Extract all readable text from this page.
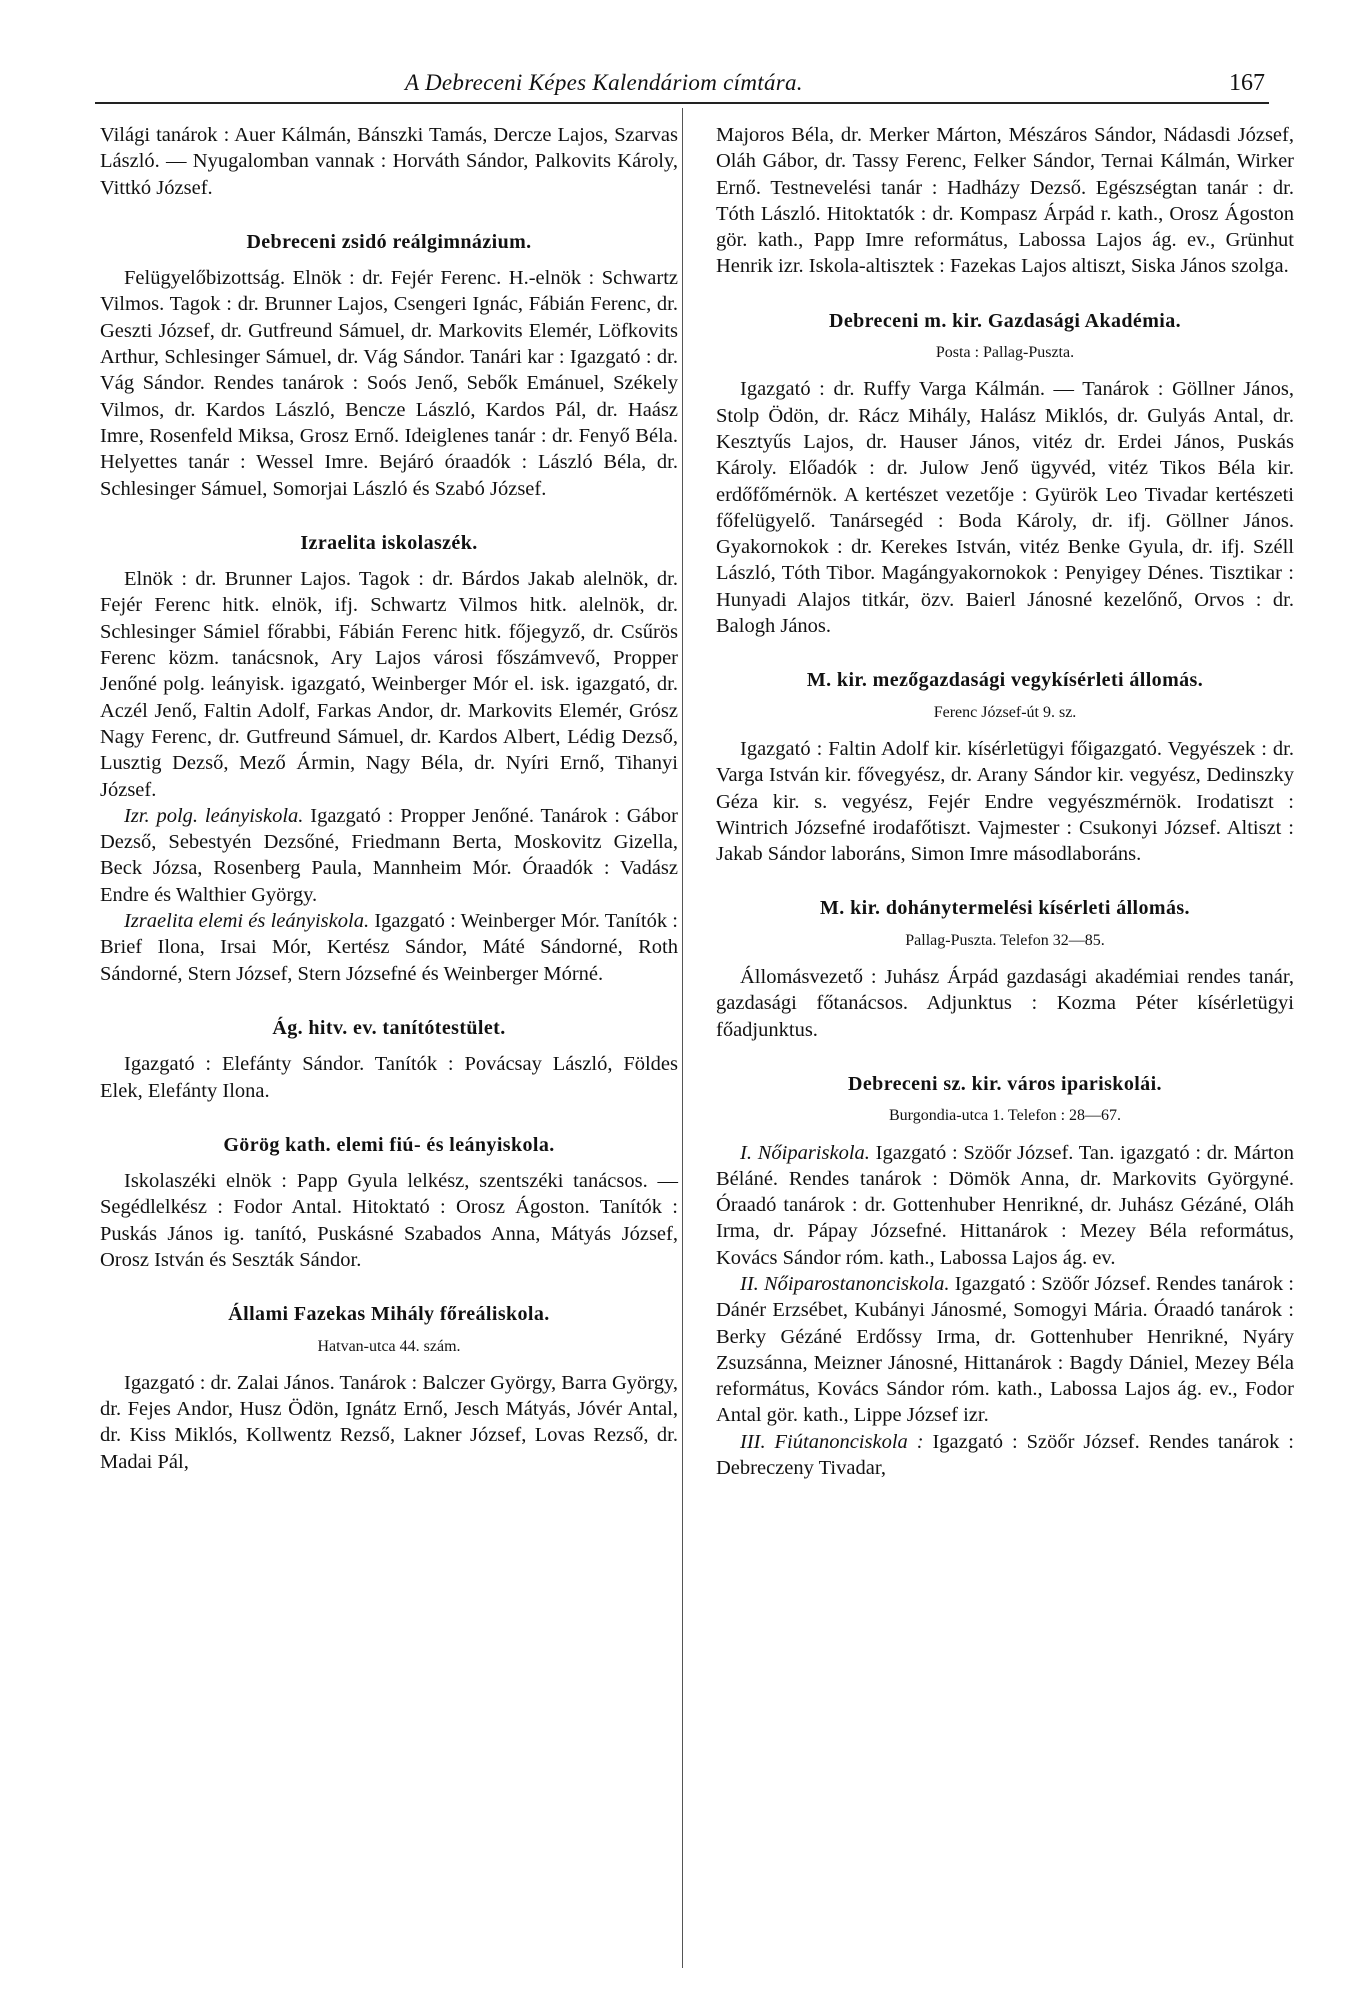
A Debreceni Képes Kalendáriom címtára.	167

Világi tanárok : Auer Kálmán, Bánszki Tamás, Dercze Lajos, Szarvas László. — Nyugalomban vannak : Horváth Sándor, Palkovits Károly, Vittkó József.

Debreceni zsidó reálgimnázium.

Felügyelőbizottság. Elnök : dr. Fejér Ferenc. H.-elnök : Schwartz Vilmos. Tagok : dr. Brunner Lajos, Csengeri Ignác, Fábián Ferenc, dr. Geszti József, dr. Gutfreund Sámuel, dr. Markovits Elemér, Löfkovits Arthur, Schlesinger Sámuel, dr. Vág Sándor. Tanári kar : Igazgató : dr. Vág Sándor. Rendes tanárok : Soós Jenő, Sebők Emánuel, Székely Vilmos, dr. Kardos László, Bencze László, Kardos Pál, dr. Haász Imre, Rosenfeld Miksa, Grosz Ernő. Ideiglenes tanár : dr. Fenyő Béla. Helyettes tanár : Wessel Imre. Bejáró óraadók : László Béla, dr. Schlesinger Sámuel, Somorjai László és Szabó József.

Izraelita iskolaszék.

Elnök : dr. Brunner Lajos. Tagok : dr. Bárdos Jakab alelnök, dr. Fejér Ferenc hitk. elnök, ifj. Schwartz Vilmos hitk. alelnök, dr. Schlesinger Sámiel főrabbi, Fábián Ferenc hitk. főjegyző, dr. Csűrös Ferenc közm. tanácsnok, Ary Lajos városi főszámvevő, Propper Jenőné polg. leányisk. igazgató, Weinberger Mór el. isk. igazgató, dr. Aczél Jenő, Faltin Adolf, Farkas Andor, dr. Markovits Elemér, Grósz Nagy Ferenc, dr. Gutfreund Sámuel, dr. Kardos Albert, Lédig Dezső, Lusztig Dezső, Mező Ármin, Nagy Béla, dr. Nyíri Ernő, Tihanyi József.

Izr. polg. leányiskola. Igazgató : Propper Jenőné. Tanárok : Gábor Dezső, Sebestyén Dezsőné, Friedmann Berta, Moskovitz Gizella, Beck Józsa, Rosenberg Paula, Mannheim Mór. Óraadók : Vadász Endre és Walthier György.

Izraelita elemi és leányiskola. Igazgató : Weinberger Mór. Tanítók : Brief Ilona, Irsai Mór, Kertész Sándor, Máté Sándorné, Roth Sándorné, Stern József, Stern Józsefné és Weinberger Mórné.

Ág. hitv. ev. tanítótestület.

Igazgató : Elefánty Sándor. Tanítók : Povácsay László, Földes Elek, Elefánty Ilona.

Görög kath. elemi fiú- és leányiskola.

Iskolaszéki elnök : Papp Gyula lelkész, szentszéki tanácsos. — Segédlelkész : Fodor Antal. Hitoktató : Orosz Ágoston. Tanítók : Puskás János ig. tanító, Puskásné Szabados Anna, Mátyás József, Orosz István és Seszták Sándor.

Állami Fazekas Mihály főreáliskola.
Hatvan-utca 44. szám.

Igazgató : dr. Zalai János. Tanárok : Balczer György, Barra György, dr. Fejes Andor, Husz Ödön, Ignátz Ernő, Jesch Mátyás, Jóvér Antal, dr. Kiss Miklós, Kollwentz Rezső, Lakner József, Lovas Rezső, dr. Madai Pál,

Majoros Béla, dr. Merker Márton, Mészáros Sándor, Nádasdi József, Oláh Gábor, dr. Tassy Ferenc, Felker Sándor, Ternai Kálmán, Wirker Ernő. Testnevelési tanár : Hadházy Dezső. Egészségtan tanár : dr. Tóth László. Hitoktatók : dr. Kompasz Árpád r. kath., Orosz Ágoston gör. kath., Papp Imre református, Labossa Lajos ág. ev., Grünhut Henrik izr. Iskola-altisztek : Fazekas Lajos altiszt, Siska János szolga.

Debreceni m. kir. Gazdasági Akadémia.
Posta : Pallag-Puszta.

Igazgató : dr. Ruffy Varga Kálmán. — Tanárok : Göllner János, Stolp Ödön, dr. Rácz Mihály, Halász Miklós, dr. Gulyás Antal, dr. Kesztyűs Lajos, dr. Hauser János, vitéz dr. Erdei János, Puskás Károly. Előadók : dr. Julow Jenő ügyvéd, vitéz Tikos Béla kir. erdőfőmérnök. A kertészet vezetője : Gyürök Leo Tivadar kertészeti főfelügyelő. Tanársegéd : Boda Károly, dr. ifj. Göllner János. Gyakornokok : dr. Kerekes István, vitéz Benke Gyula, dr. ifj. Széll László, Tóth Tibor. Magángyakornokok : Penyigey Dénes. Tisztikar : Hunyadi Alajos titkár, özv. Baierl Jánosné kezelőnő, Orvos : dr. Balogh János.

M. kir. mezőgazdasági vegykísérleti állomás.
Ferenc József-út 9. sz.

Igazgató : Faltin Adolf kir. kísérletügyi főigazgató. Vegyészek : dr. Varga István kir. fővegyész, dr. Arany Sándor kir. vegyész, Dedinszky Géza kir. s. vegyész, Fejér Endre vegyészmérnök. Irodatiszt : Wintrich Józsefné irodafőtiszt. Vajmester : Csukonyi József. Altiszt : Jakab Sándor laboráns, Simon Imre másodlaboráns.

M. kir. dohánytermelési kísérleti állomás.
Pallag-Puszta. Telefon 32—85.

Állomásvezető : Juhász Árpád gazdasági akadémiai rendes tanár, gazdasági főtanácsos. Adjunktus : Kozma Péter kísérletügyi főadjunktus.

Debreceni sz. kir. város ipariskolái.
Burgondia-utca 1. Telefon : 28—67.

I. Nőipariskola. Igazgató : Szöőr József. Tan. igazgató : dr. Márton Béláné. Rendes tanárok : Dömök Anna, dr. Markovits Györgyné. Óraadó tanárok : dr. Gottenhuber Henrikné, dr. Juhász Gézáné, Oláh Irma, dr. Pápay Józsefné. Hittanárok : Mezey Béla református, Kovács Sándor róm. kath., Labossa Lajos ág. ev.

II. Nőiparostanonciskola. Igazgató : Szöőr József. Rendes tanárok : Dánér Erzsébet, Kubányi Jánosmé, Somogyi Mária. Óraadó tanárok : Berky Gézáné Erdőssy Irma, dr. Gottenhuber Henrikné, Nyáry Zsuzsánna, Meizner Jánosné, Hittanárok : Bagdy Dániel, Mezey Béla református, Kovács Sándor róm. kath., Labossa Lajos ág. ev., Fodor Antal gör. kath., Lippe József izr.

III. Fiútanonciskola : Igazgató : Szöőr József. Rendes tanárok : Debreczeny Tivadar,
